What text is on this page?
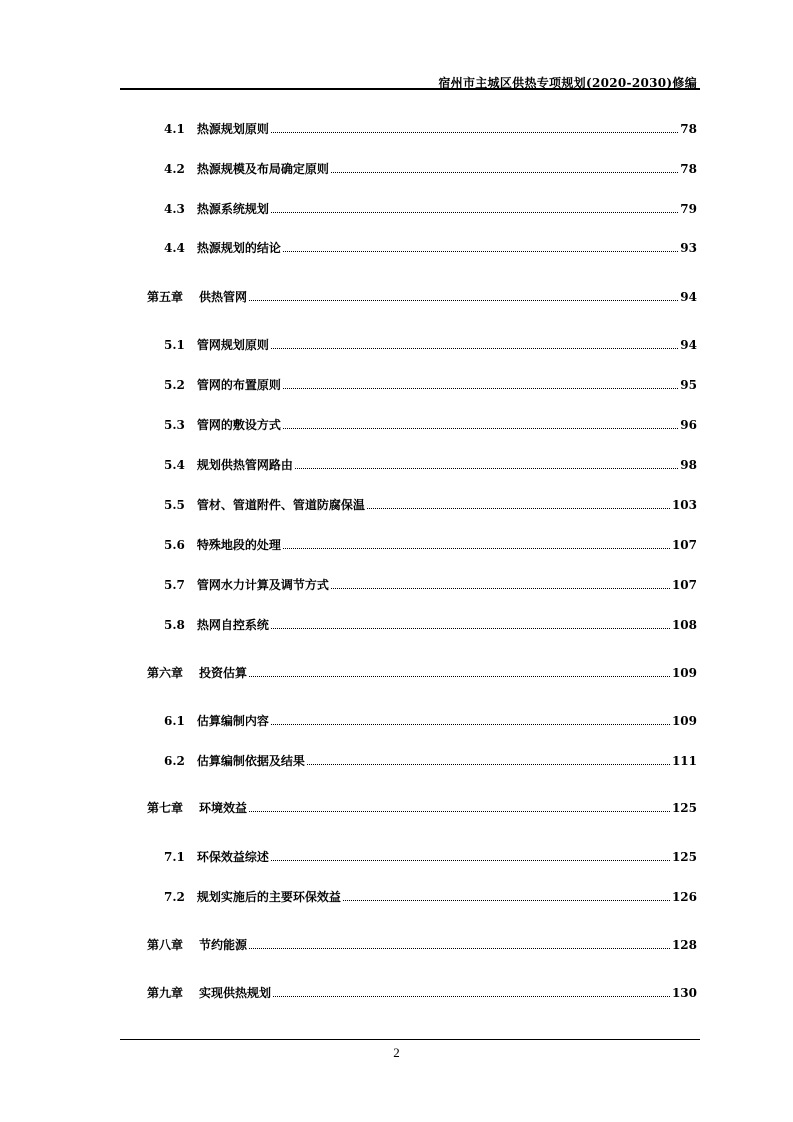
宿州市主城区供热专项规划(2020-2030)修编
4.1 热源规划原则	78
4.2 热源规模及布局确定原则	78
4.3 热源系统规划	79
4.4 热源规划的结论	93
第五章 供热管网	94
5.1 管网规划原则	94
5.2 管网的布置原则	95
5.3 管网的敷设方式	96
5.4 规划供热管网路由	98
5.5 管材、管道附件、管道防腐保温	103
5.6 特殊地段的处理	107
5.7 管网水力计算及调节方式	107
5.8 热网自控系统	108
第六章 投资估算	109
6.1 估算编制内容	109
6.2 估算编制依据及结果	111
第七章 环境效益	125
7.1 环保效益综述	125
7.2 规划实施后的主要环保效益	126
第八章 节约能源	128
第九章 实现供热规划	130
2
